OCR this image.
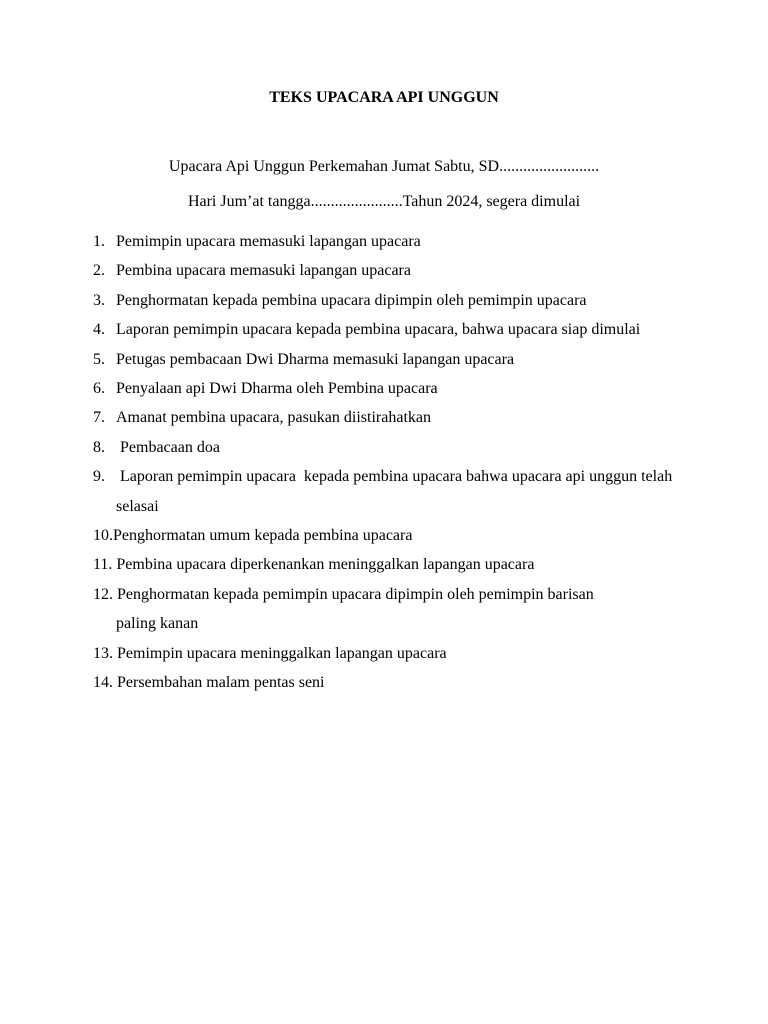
TEKS UPACARA API UNGGUN
Upacara Api Unggun Perkemahan Jumat Sabtu, SD.........................
Hari Jum’at tangga.......................Tahun 2024, segera dimulai
1. Pemimpin upacara memasuki lapangan upacara
2. Pembina upacara memasuki lapangan upacara
3. Penghormatan kepada pembina upacara dipimpin oleh pemimpin upacara
4. Laporan pemimpin upacara kepada pembina upacara, bahwa upacara siap dimulai
5. Petugas pembacaan Dwi Dharma memasuki lapangan upacara
6. Penyalaan api Dwi Dharma oleh Pembina upacara
7. Amanat pembina upacara, pasukan diistirahatkan
8. Pembacaan doa
9. Laporan pemimpin upacara  kepada pembina upacara bahwa upacara api unggun telah selasai
10.Penghormatan umum kepada pembina upacara
11. Pembina upacara diperkenankan meninggalkan lapangan upacara
12. Penghormatan kepada pemimpin upacara dipimpin oleh pemimpin barisan
paling kanan
13. Pemimpin upacara meninggalkan lapangan upacara
14. Persembahan malam pentas seni
